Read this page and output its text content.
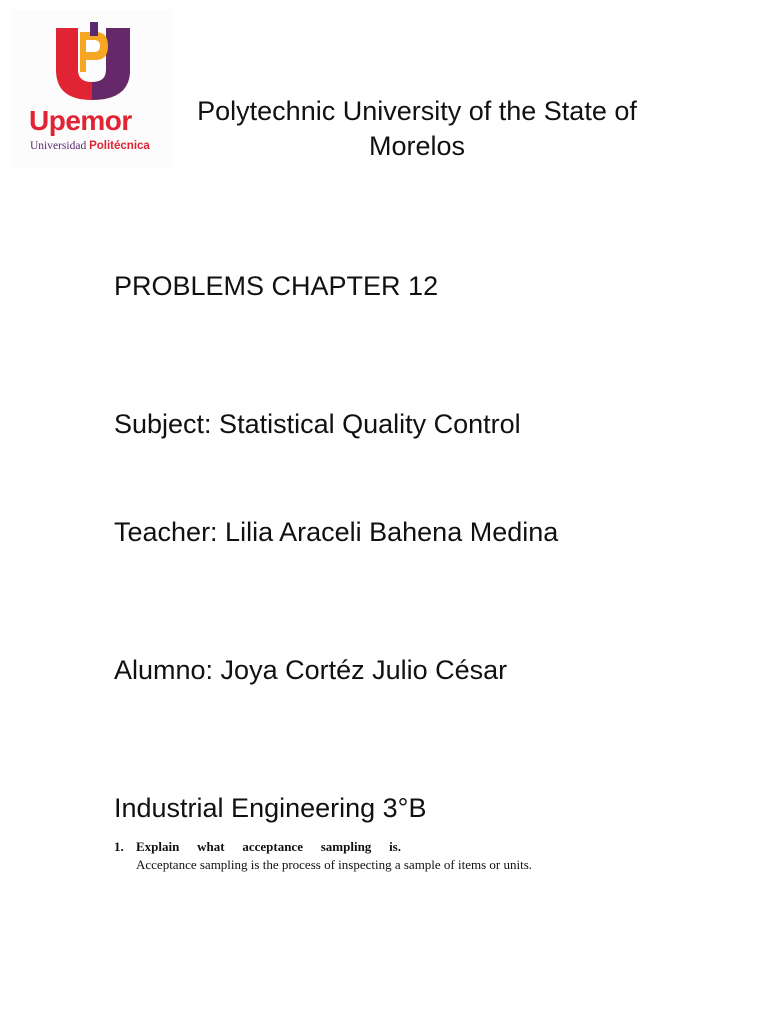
Upemor
Universidad Politécnica
Polytechnic University of the State of Morelos
PROBLEMS CHAPTER 12
Subject: Statistical Quality Control
Teacher: Lilia Araceli Bahena Medina
Alumno: Joya Cortéz Julio César
Industrial Engineering 3°B
1. Explain what acceptance sampling is.
Acceptance sampling is the process of inspecting a sample of items or units.
